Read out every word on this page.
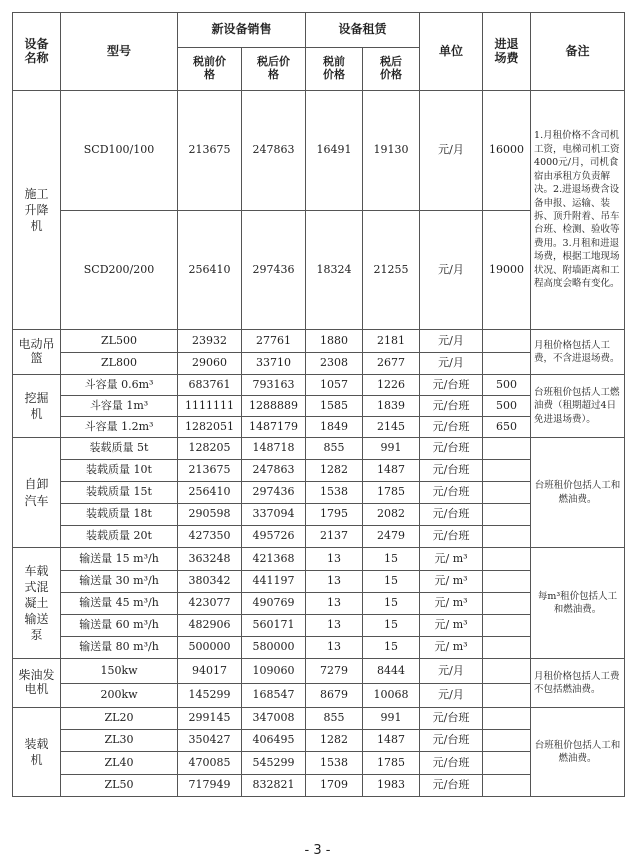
设备名称	型号	新设备销售		设备租赁		单位	进退场费	备注
		税前价格	税后价格	税前价格	税后价格			
施工升降机	SCD100/100	213675	247863	16491	19130	元/月	16000	1.月租价格不含司机工资，电梯司机工资4000元/月，司机食宿由承租方负责解决。2.进退场费含设备申报、运输、装拆、顶升附着、吊车台班、检测、验收等费用。3.月租和进退场费，根据工地现场状况、附墙距离和工程高度会略有变化。
	SCD200/200	256410	297436	18324	21255	元/月	19000	
电动吊篮	ZL500	23932	27761	1880	2181	元/月		月租价格包括人工费，不含进退场费。
	ZL800	29060	33710	2308	2677	元/月		
挖掘机	斗容量 0.6m³	683761	793163	1057	1226	元/台班	500	台班租价包括人工燃油费（租期超过4日免进退场费）。
	斗容量 1m³	1111111	1288889	1585	1839	元/台班	500	
	斗容量 1.2m³	1282051	1487179	1849	2145	元/台班	650	
自卸汽车	装载质量 5t	128205	148718	855	991	元/台班		台班租价包括人工和燃油费。
	装载质量 10t	213675	247863	1282	1487	元/台班		
	装载质量 15t	256410	297436	1538	1785	元/台班		
	装载质量 18t	290598	337094	1795	2082	元/台班		
	装载质量 20t	427350	495726	2137	2479	元/台班		
车载式混凝土输送泵	输送量 15 m³/h	363248	421368	13	15	元/ m³		每m³租价包括人工和燃油费。
	输送量 30 m³/h	380342	441197	13	15	元/ m³		
	输送量 45 m³/h	423077	490769	13	15	元/ m³		
	输送量 60 m³/h	482906	560171	13	15	元/ m³		
	输送量 80 m³/h	500000	580000	13	15	元/ m³		
柴油发电机	150kw	94017	109060	7279	8444	元/月		月租价格包括人工费不包括燃油费。
	200kw	145299	168547	8679	10068	元/月		
装载机	ZL20	299145	347008	855	991	元/台班		台班租价包括人工和燃油费。
	ZL30	350427	406495	1282	1487	元/台班		
	ZL40	470085	545299	1538	1785	元/台班		
	ZL50	717949	832821	1709	1983	元/台班		
- 3 -
